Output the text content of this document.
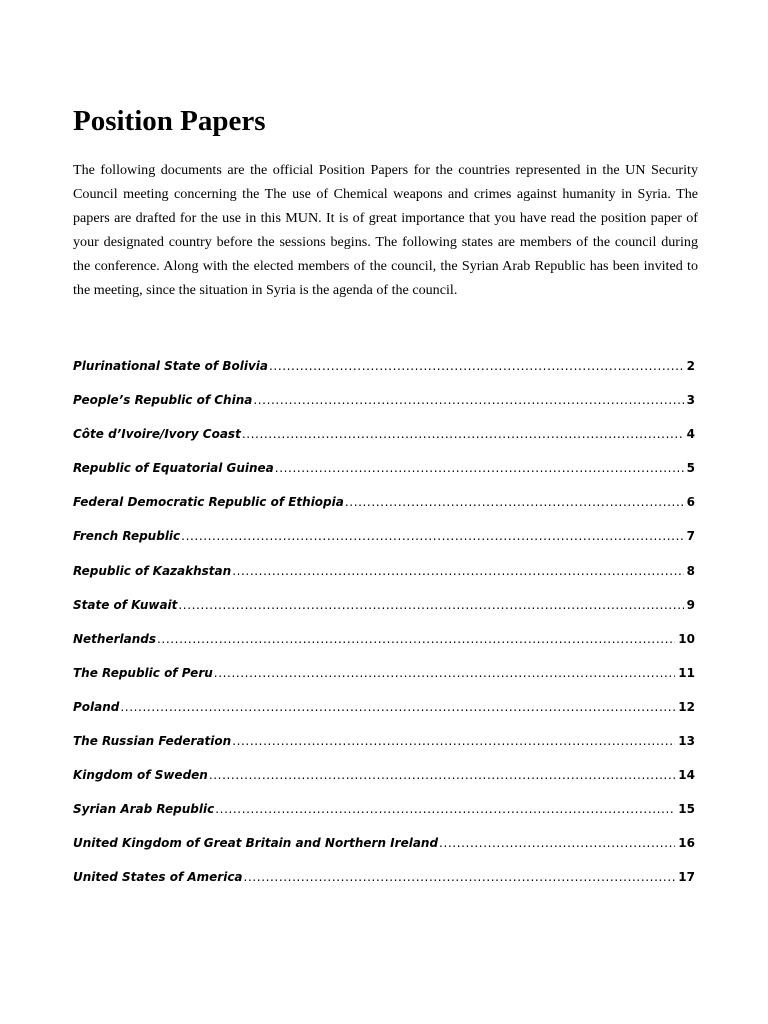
Position Papers

The following documents are the official Position Papers for the countries represented in the UN Security Council meeting concerning the The use of Chemical weapons and crimes against humanity in Syria. The papers are drafted for the use in this MUN. It is of great importance that you have read the position paper of your designated country before the sessions begins. The following states are members of the council during the conference. Along with the elected members of the council, the Syrian Arab Republic has been invited to the meeting, since the situation in Syria is the agenda of the council.

Plurinational State of Bolivia .....	2
People’s Republic of China .....	3
Côte d’Ivoire/Ivory Coast .....	4
Republic of Equatorial Guinea .....	5
Federal Democratic Republic of Ethiopia .....	6
French Republic .....	7
Republic of Kazakhstan .....	8
State of Kuwait .....	9
Netherlands .....	10
The Republic of Peru .....	11
Poland .....	12
The Russian Federation .....	13
Kingdom of Sweden .....	14
Syrian Arab Republic .....	15
United Kingdom of Great Britain and Northern Ireland .....	16
United States of America .....	17
